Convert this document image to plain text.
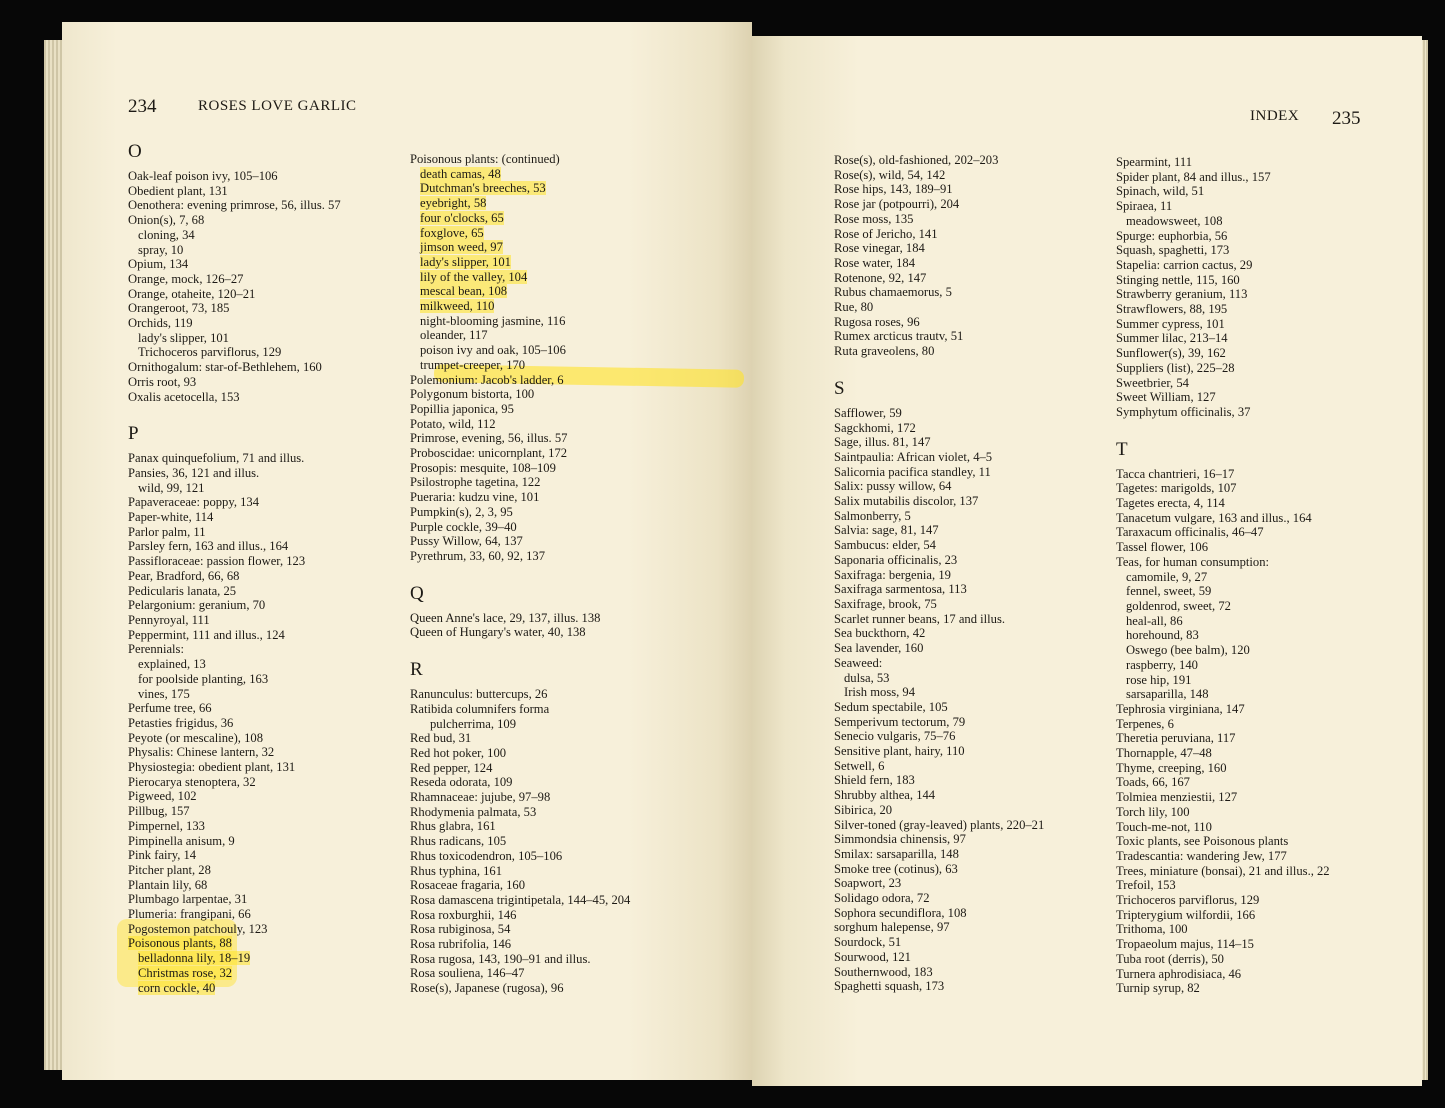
234	ROSES LOVE GARLIC
O
Oak-leaf poison ivy, 105–106
Obedient plant, 131
Oenothera: evening primrose, 56, illus. 57
Onion(s), 7, 68
cloning, 34
spray, 10
Opium, 134
Orange, mock, 126–27
Orange, otaheite, 120–21
Orangeroot, 73, 185
Orchids, 119
lady's slipper, 101
Trichoceros parviflorus, 129
Ornithogalum: star-of-Bethlehem, 160
Orris root, 93
Oxalis acetocella, 153
P
Panax quinquefolium, 71 and illus.
Pansies, 36, 121 and illus.
wild, 99, 121
Papaveraceae: poppy, 134
Paper-white, 114
Parlor palm, 11
Parsley fern, 163 and illus., 164
Passifloraceae: passion flower, 123
Pear, Bradford, 66, 68
Pedicularis lanata, 25
Pelargonium: geranium, 70
Pennyroyal, 111
Peppermint, 111 and illus., 124
Perennials:
explained, 13
for poolside planting, 163
vines, 175
Perfume tree, 66
Petasties frigidus, 36
Peyote (or mescaline), 108
Physalis: Chinese lantern, 32
Physiostegia: obedient plant, 131
Pierocarya stenoptera, 32
Pigweed, 102
Pillbug, 157
Pimpernel, 133
Pimpinella anisum, 9
Pink fairy, 14
Pitcher plant, 28
Plantain lily, 68
Plumbago larpentae, 31
Plumeria: frangipani, 66
Pogostemon patchouly, 123
Poisonous plants, 88
belladonna lily, 18–19
Christmas rose, 32
corn cockle, 40
Poisonous plants: (continued)
death camas, 48
Dutchman's breeches, 53
eyebright, 58
four o'clocks, 65
foxglove, 65
jimson weed, 97
lady's slipper, 101
lily of the valley, 104
mescal bean, 108
milkweed, 110
night-blooming jasmine, 116
oleander, 117
poison ivy and oak, 105–106
trumpet-creeper, 170
Polemonium: Jacob's ladder, 6
Polygonum bistorta, 100
Popillia japonica, 95
Potato, wild, 112
Primrose, evening, 56, illus. 57
Proboscidae: unicornplant, 172
Prosopis: mesquite, 108–109
Psilostrophe tagetina, 122
Pueraria: kudzu vine, 101
Pumpkin(s), 2, 3, 95
Purple cockle, 39–40
Pussy Willow, 64, 137
Pyrethrum, 33, 60, 92, 137
Q
Queen Anne's lace, 29, 137, illus. 138
Queen of Hungary's water, 40, 138
R
Ranunculus: buttercups, 26
Ratibida columnifers forma
pulcherrima, 109
Red bud, 31
Red hot poker, 100
Red pepper, 124
Reseda odorata, 109
Rhamnaceae: jujube, 97–98
Rhodymenia palmata, 53
Rhus glabra, 161
Rhus radicans, 105
Rhus toxicodendron, 105–106
Rhus typhina, 161
Rosaceae fragaria, 160
Rosa damascena trigintipetala, 144–45, 204
Rosa roxburghii, 146
Rosa rubiginosa, 54
Rosa rubrifolia, 146
Rosa rugosa, 143, 190–91 and illus.
Rosa souliena, 146–47
Rose(s), Japanese (rugosa), 96
INDEX 235
Rose(s), old-fashioned, 202–203
Rose(s), wild, 54, 142
Rose hips, 143, 189–91
Rose jar (potpourri), 204
Rose moss, 135
Rose of Jericho, 141
Rose vinegar, 184
Rose water, 184
Rotenone, 92, 147
Rubus chamaemorus, 5
Rue, 80
Rugosa roses, 96
Rumex arcticus trautv, 51
Ruta graveolens, 80
S
Safflower, 59
Sagckhomi, 172
Sage, illus. 81, 147
Saintpaulia: African violet, 4–5
Salicornia pacifica standley, 11
Salix: pussy willow, 64
Salix mutabilis discolor, 137
Salmonberry, 5
Salvia: sage, 81, 147
Sambucus: elder, 54
Saponaria officinalis, 23
Saxifraga: bergenia, 19
Saxifraga sarmentosa, 113
Saxifrage, brook, 75
Scarlet runner beans, 17 and illus.
Sea buckthorn, 42
Sea lavender, 160
Seaweed:
dulsa, 53
Irish moss, 94
Sedum spectabile, 105
Semperivum tectorum, 79
Senecio vulgaris, 75–76
Sensitive plant, hairy, 110
Setwell, 6
Shield fern, 183
Shrubby althea, 144
Sibirica, 20
Silver-toned (gray-leaved) plants, 220–21
Simmondsia chinensis, 97
Smilax: sarsaparilla, 148
Smoke tree (cotinus), 63
Soapwort, 23
Solidago odora, 72
Sophora secundiflora, 108
sorghum halepense, 97
Sourdock, 51
Sourwood, 121
Southernwood, 183
Spaghetti squash, 173
Spearmint, 111
Spider plant, 84 and illus., 157
Spinach, wild, 51
Spiraea, 11
meadowsweet, 108
Spurge: euphorbia, 56
Squash, spaghetti, 173
Stapelia: carrion cactus, 29
Stinging nettle, 115, 160
Strawberry geranium, 113
Strawflowers, 88, 195
Summer cypress, 101
Summer lilac, 213–14
Sunflower(s), 39, 162
Suppliers (list), 225–28
Sweetbrier, 54
Sweet William, 127
Symphytum officinalis, 37
T
Tacca chantrieri, 16–17
Tagetes: marigolds, 107
Tagetes erecta, 4, 114
Tanacetum vulgare, 163 and illus., 164
Taraxacum officinalis, 46–47
Tassel flower, 106
Teas, for human consumption:
camomile, 9, 27
fennel, sweet, 59
goldenrod, sweet, 72
heal-all, 86
horehound, 83
Oswego (bee balm), 120
raspberry, 140
rose hip, 191
sarsaparilla, 148
Tephrosia virginiana, 147
Terpenes, 6
Theretia peruviana, 117
Thornapple, 47–48
Thyme, creeping, 160
Toads, 66, 167
Tolmiea menziestii, 127
Torch lily, 100
Touch-me-not, 110
Toxic plants, see Poisonous plants
Tradescantia: wandering Jew, 177
Trees, miniature (bonsai), 21 and illus., 22
Trefoil, 153
Trichoceros parviflorus, 129
Tripterygium wilfordii, 166
Trithoma, 100
Tropaeolum majus, 114–15
Tuba root (derris), 50
Turnera aphrodisiaca, 46
Turnip syrup, 82
